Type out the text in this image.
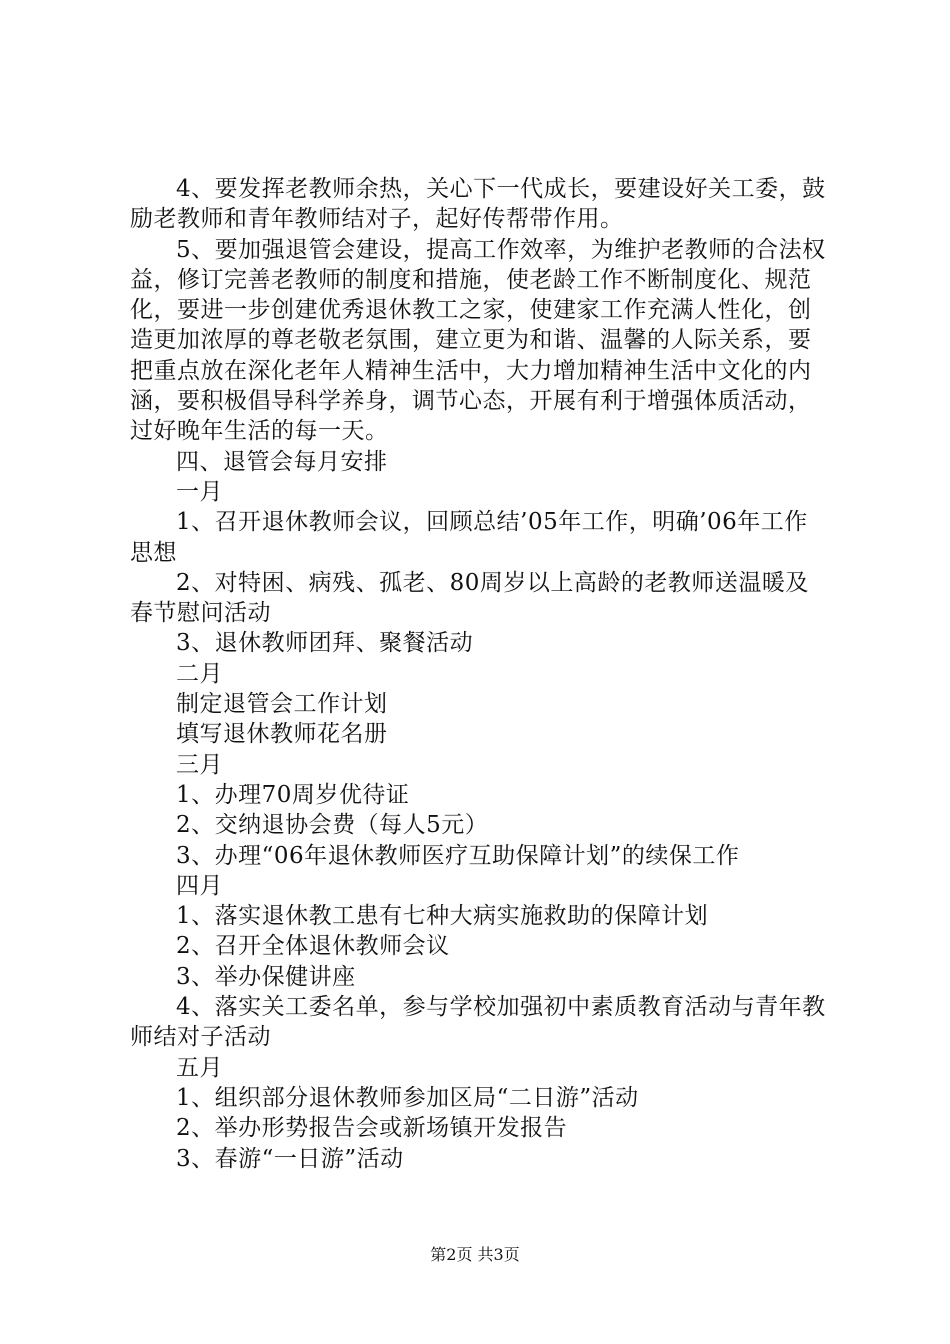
4、要发挥老教师余热，关心下一代成长，要建设好关工委，鼓励老教师和青年教师结对子，起好传帮带作用。

5、要加强退管会建设，提高工作效率，为维护老教师的合法权益，修订完善老教师的制度和措施，使老龄工作不断制度化、规范化，要进一步创建优秀退休教工之家，使建家工作充满人性化，创造更加浓厚的尊老敬老氛围，建立更为和谐、温馨的人际关系，要把重点放在深化老年人精神生活中，大力增加精神生活中文化的内涵，要积极倡导科学养身，调节心态，开展有利于增强体质活动，过好晚年生活的每一天。

四、退管会每月安排

一月

1、召开退休教师会议，回顾总结’05年工作，明确’06年工作思想

2、对特困、病残、孤老、80周岁以上高龄的老教师送温暖及春节慰问活动

3、退休教师团拜、聚餐活动

二月

制定退管会工作计划

填写退休教师花名册

三月

1、办理70周岁优待证

2、交纳退协会费（每人5元）

3、办理“06年退休教师医疗互助保障计划”的续保工作

四月

1、落实退休教工患有七种大病实施救助的保障计划

2、召开全体退休教师会议

3、举办保健讲座

4、落实关工委名单，参与学校加强初中素质教育活动与青年教师结对子活动

五月

1、组织部分退休教师参加区局“二日游”活动

2、举办形势报告会或新场镇开发报告

3、春游“一日游”活动

第2页 共3页
